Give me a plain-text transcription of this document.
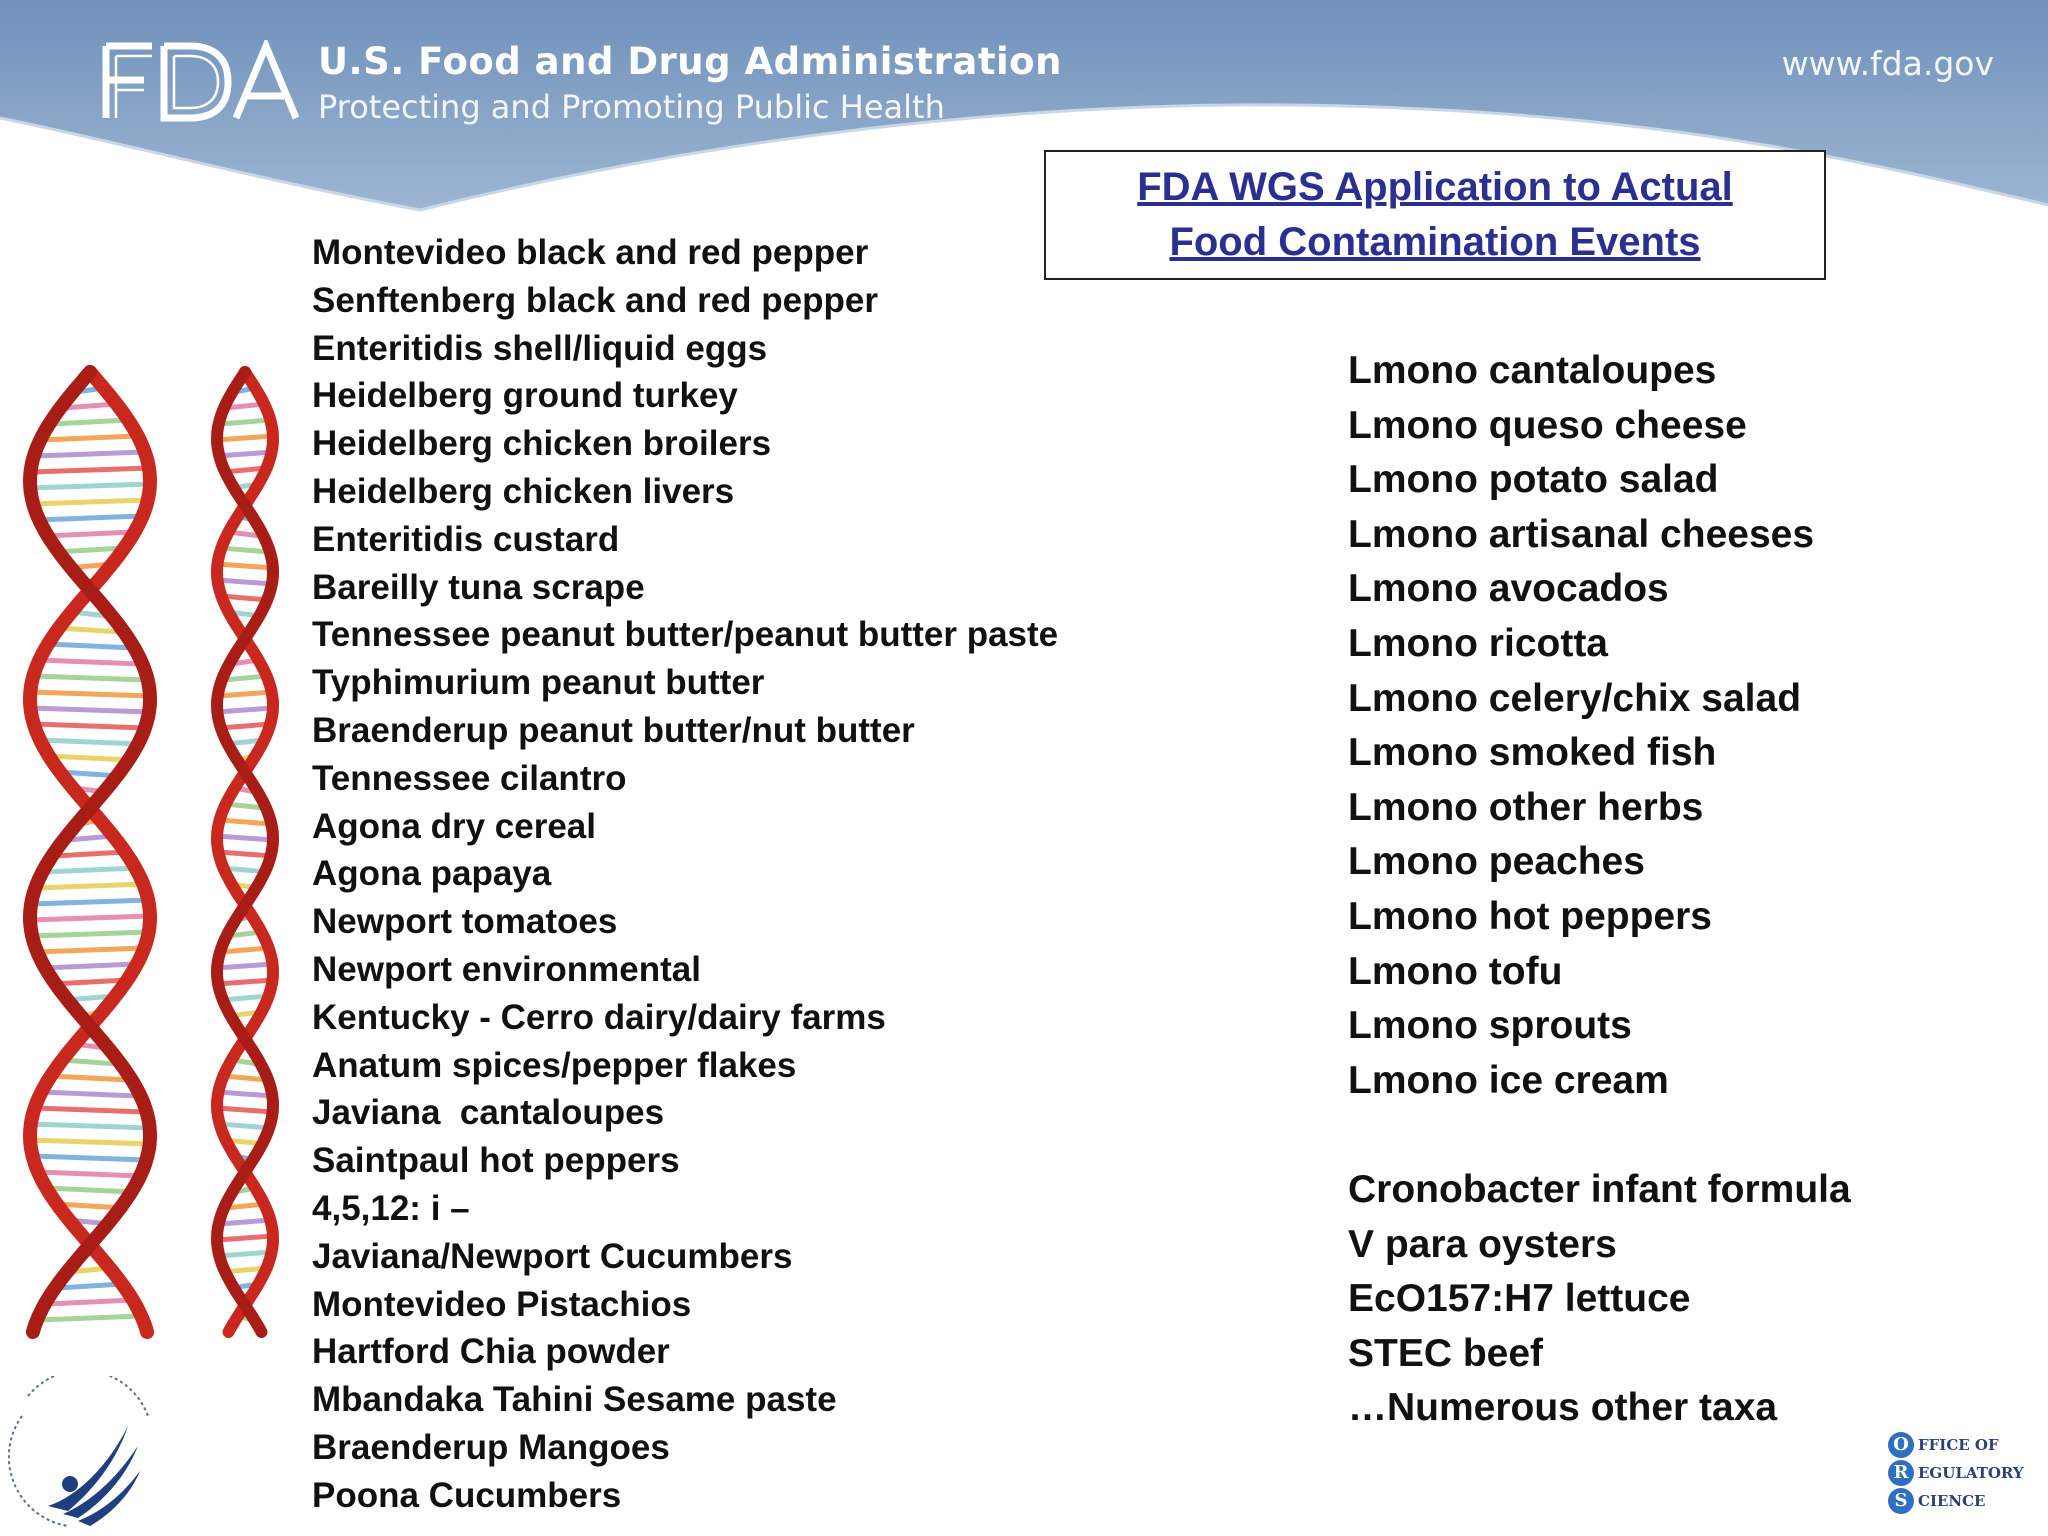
U.S. Food and Drug Administration
Protecting and Promoting Public Health
www.fda.gov
FDA WGS Application to Actual Food Contamination Events
Montevideo black and red pepper
Senftenberg black and red pepper
Enteritidis shell/liquid eggs
Heidelberg ground turkey
Heidelberg chicken broilers
Heidelberg chicken livers
Enteritidis custard
Bareilly tuna scrape
Tennessee peanut butter/peanut butter paste
Typhimurium peanut butter
Braenderup peanut butter/nut butter
Tennessee cilantro
Agona dry cereal
Agona papaya
Newport tomatoes
Newport environmental
Kentucky - Cerro dairy/dairy farms
Anatum spices/pepper flakes
Javiana  cantaloupes
Saintpaul hot peppers
4,5,12: i –
Javiana/Newport Cucumbers
Montevideo Pistachios
Hartford Chia powder
Mbandaka Tahini Sesame paste
Braenderup Mangoes
Poona Cucumbers
Lmono cantaloupes
Lmono queso cheese
Lmono potato salad
Lmono artisanal cheeses
Lmono avocados
Lmono ricotta
Lmono celery/chix salad
Lmono smoked fish
Lmono other herbs
Lmono peaches
Lmono hot peppers
Lmono tofu
Lmono sprouts
Lmono ice cream
Cronobacter infant formula
V para oysters
EcO157:H7 lettuce
STEC beef
…Numerous other taxa
O FFICE OF
R EGULATORY
S CIENCE
